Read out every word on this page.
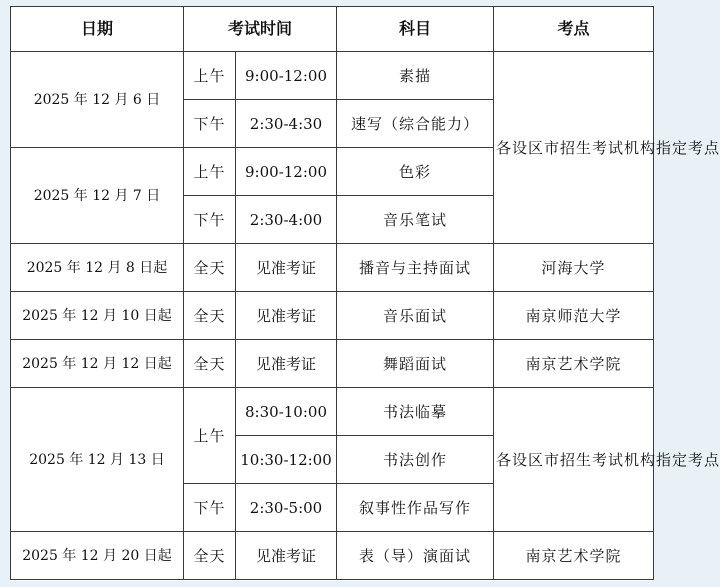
日期	考试时间		科目	考点
2025 年 12 月 6 日	上午	9:00-12:00	素描	各设区市招生考试机构指定考点
	下午	2:30-4:30	速写（综合能力）	
2025 年 12 月 7 日	上午	9:00-12:00	色彩	
	下午	2:30-4:00	音乐笔试	
2025 年 12 月 8 日起	全天	见准考证	播音与主持面试	河海大学
2025 年 12 月 10 日起	全天	见准考证	音乐面试	南京师范大学
2025 年 12 月 12 日起	全天	见准考证	舞蹈面试	南京艺术学院
2025 年 12 月 13 日	上午	8:30-10:00	书法临摹	各设区市招生考试机构指定考点
		10:30-12:00	书法创作	
	下午	2:30-5:00	叙事性作品写作	
2025 年 12 月 20 日起	全天	见准考证	表（导）演面试	南京艺术学院
